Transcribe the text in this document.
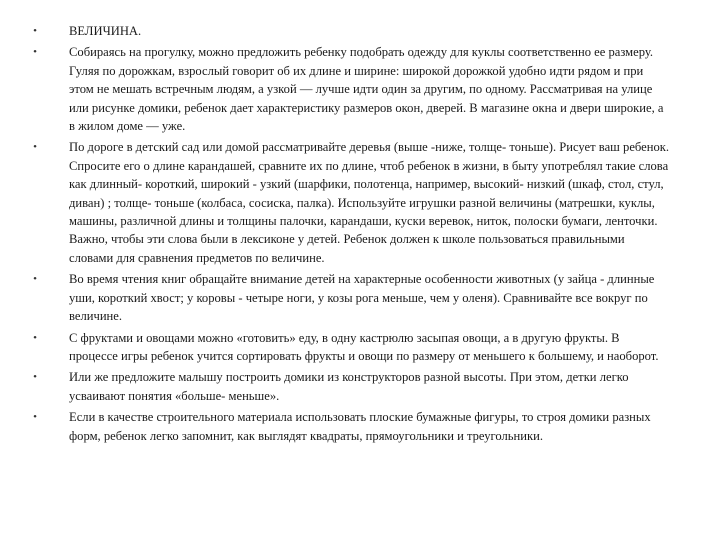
•	ВЕЛИЧИНА.
•	Собираясь на прогулку, можно предложить ребенку подобрать одежду для куклы соответственно ее размеру. Гуляя по дорожкам, взрослый говорит об их длине и ширине: широкой дорожкой удобно идти рядом и при этом не мешать встречным людям, а узкой — лучше идти один за другим, по одному. Рассматривая на улице или рисунке домики, ребенок дает характеристику размеров окон, дверей. В магазине окна и двери широкие, а в жилом доме — уже.
•	По дороге в детский сад или домой рассматривайте деревья (выше -ниже, толще- тоньше). Рисует ваш ребенок. Спросите его о длине карандашей, сравните их по длине, чтоб ребенок в жизни, в быту употреблял такие слова как длинный- короткий, широкий - узкий (шарфики, полотенца, например, высокий- низкий (шкаф, стол, стул, диван) ; толще- тоньше (колбаса, сосиска, палка). Используйте игрушки разной величины (матрешки, куклы, машины, различной длины и толщины палочки, карандаши, куски веревок, ниток, полоски бумаги, ленточки. Важно, чтобы эти слова были в лексиконе у детей. Ребенок должен к школе пользоваться правильными словами для сравнения предметов по величине.
•	Во время чтения книг обращайте внимание детей на характерные особенности животных (у зайца - длинные уши, короткий хвост; у коровы - четыре ноги, у козы рога меньше, чем у оленя). Сравнивайте все вокруг по величине.
•	С фруктами и овощами можно «готовить» еду, в одну кастрюлю засыпая овощи, а в другую фрукты. В процессе игры ребенок учится сортировать фрукты и овощи по размеру от меньшего к большему, и наоборот.
•	Или же предложите малышу построить домики из конструкторов разной высоты. При этом, детки легко усваивают понятия «больше- меньше».
•	Если в качестве строительного материала использовать плоские бумажные фигуры, то строя домики разных форм, ребенок легко запомнит, как выглядят квадраты, прямоугольники и треугольники.
